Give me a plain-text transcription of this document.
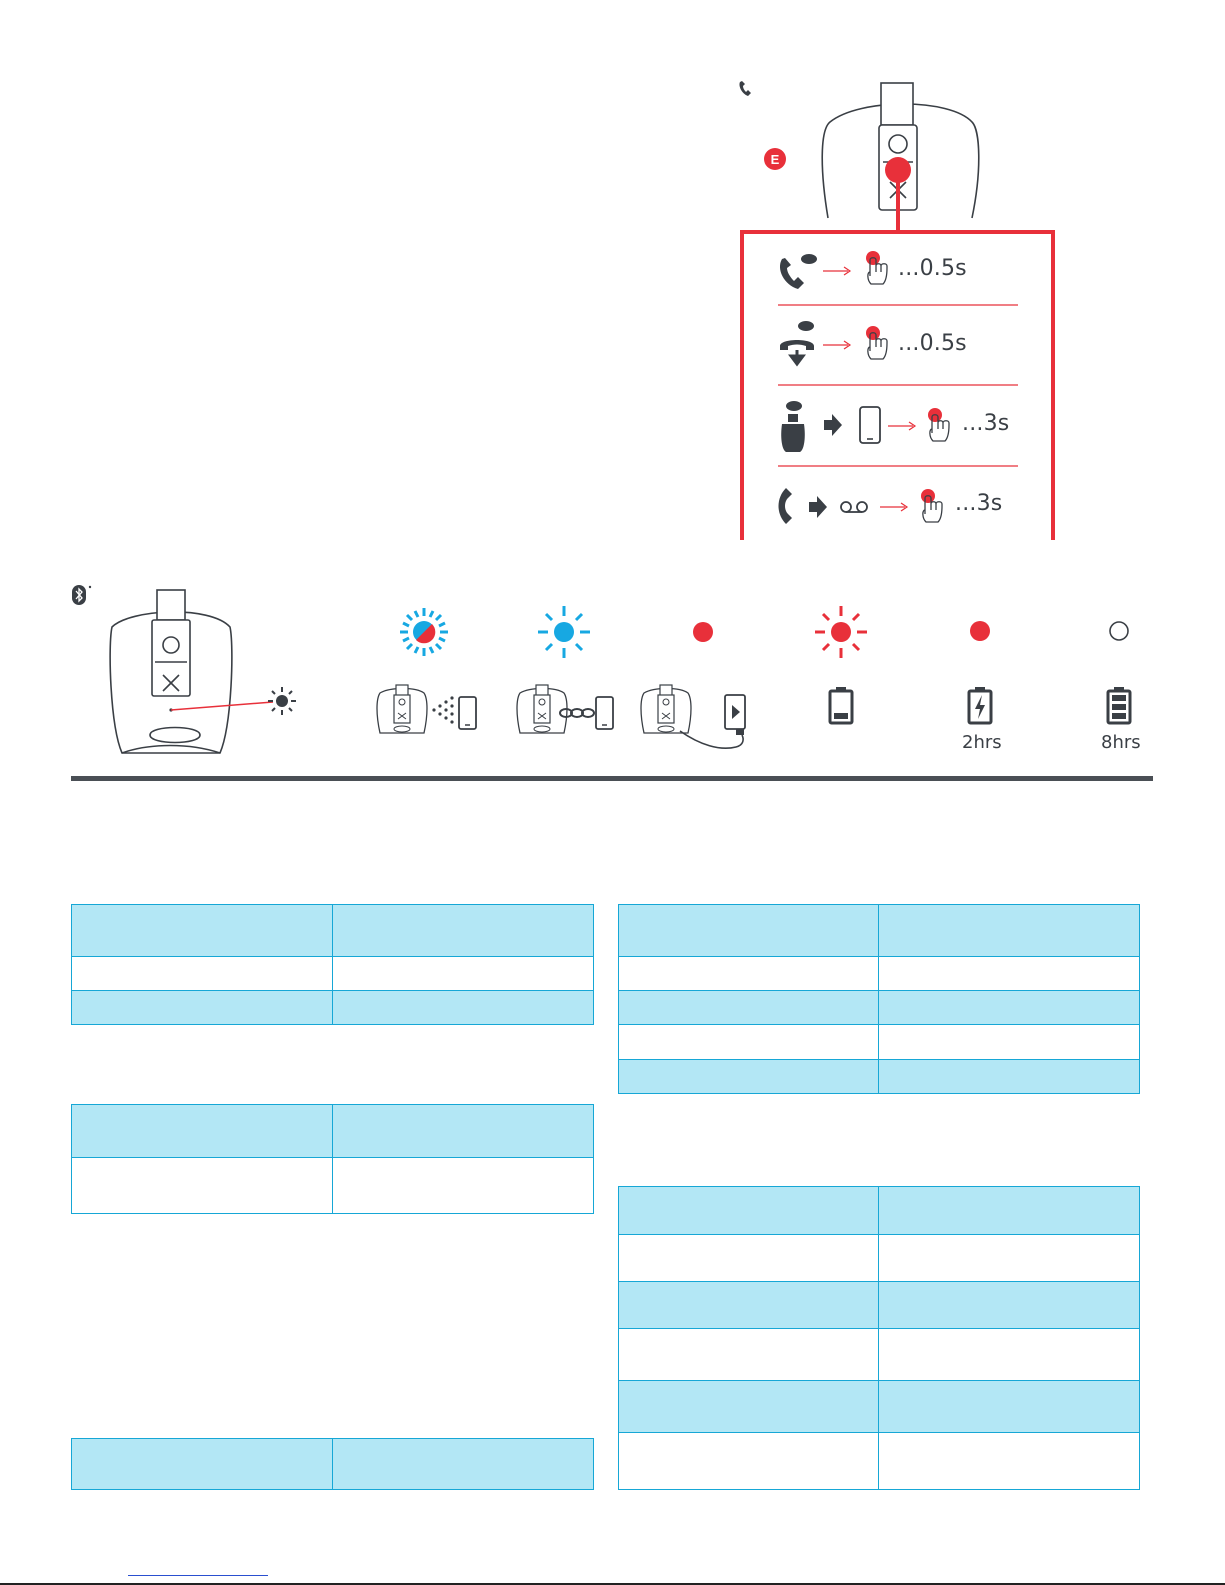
E
...0.5s
...0.5s
...3s
...3s
2hrs	8hrs
